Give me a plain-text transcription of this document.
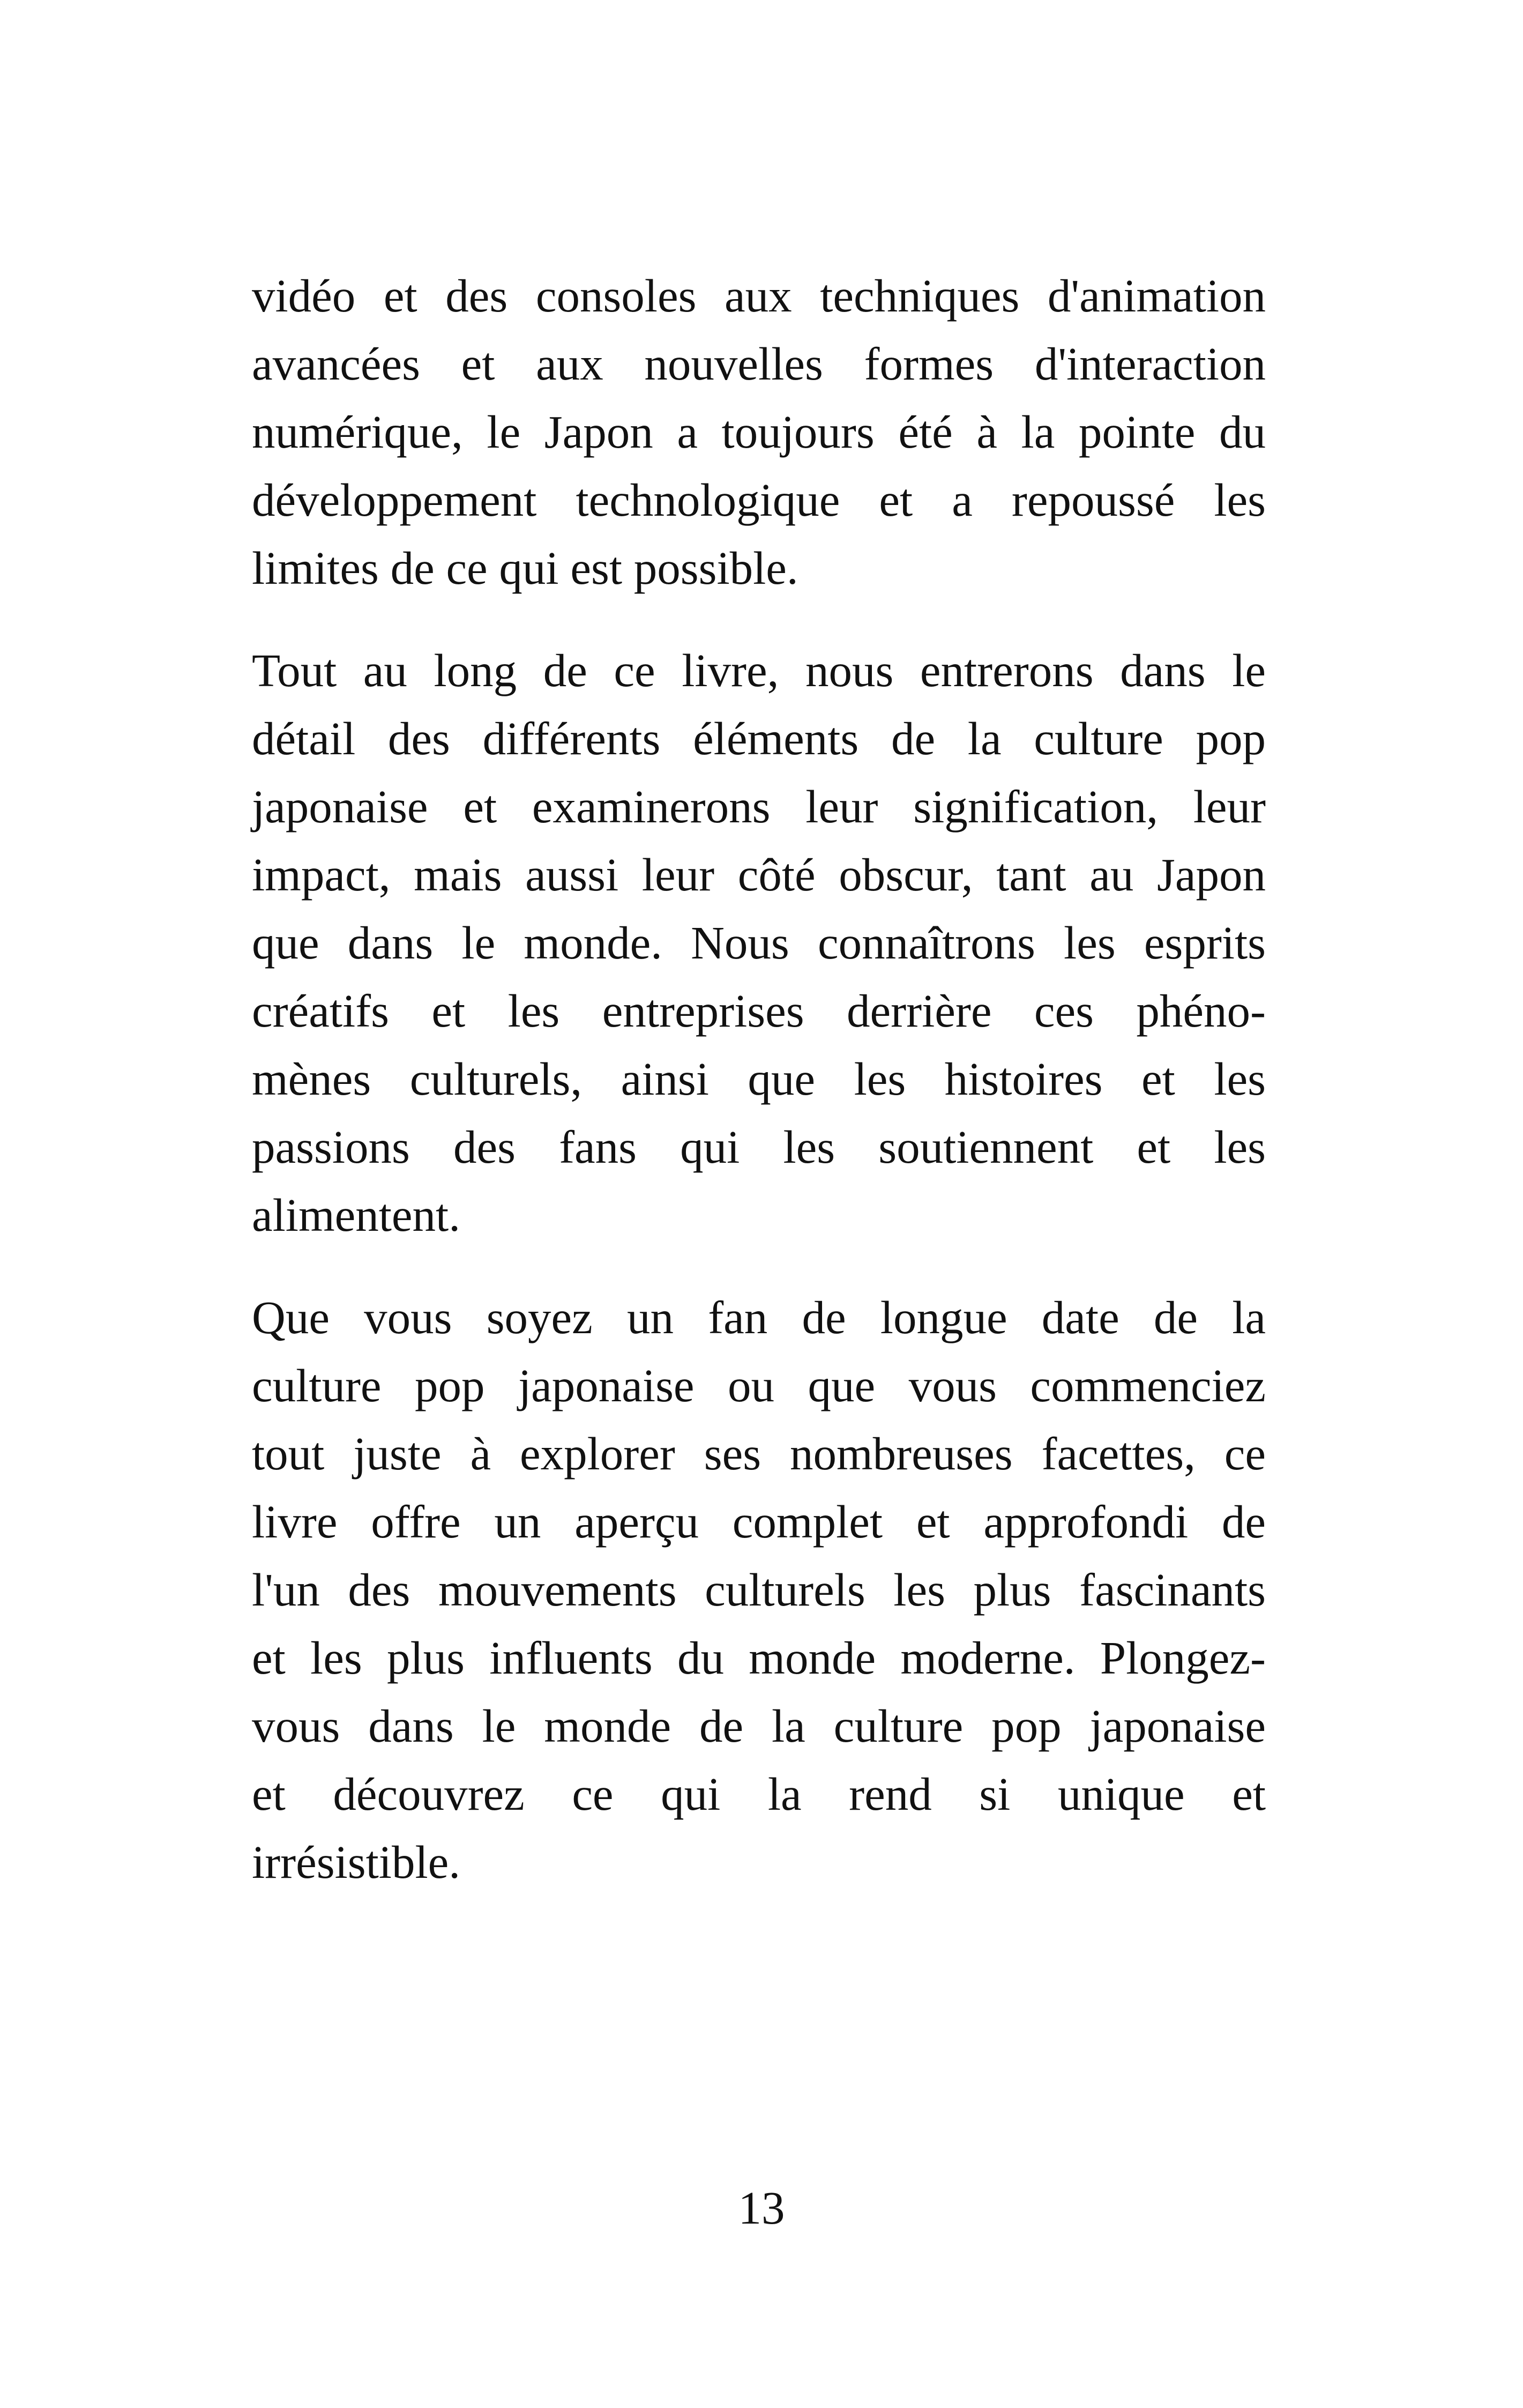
vidéo et des consoles aux techniques d'animation
avancées et aux nouvelles formes d'interaction
numérique, le Japon a toujours été à la pointe du
développement technologique et a repoussé les
limites de ce qui est possible.

Tout au long de ce livre, nous entrerons dans le
détail des différents éléments de la culture pop
japonaise et examinerons leur signification, leur
impact, mais aussi leur côté obscur, tant au Japon
que dans le monde. Nous connaîtrons les esprits
créatifs et les entreprises derrière ces phéno-
mènes culturels, ainsi que les histoires et les
passions des fans qui les soutiennent et les
alimentent.

Que vous soyez un fan de longue date de la
culture pop japonaise ou que vous commenciez
tout juste à explorer ses nombreuses facettes, ce
livre offre un aperçu complet et approfondi de
l'un des mouvements culturels les plus fascinants
et les plus influents du monde moderne. Plongez-
vous dans le monde de la culture pop japonaise
et découvrez ce qui la rend si unique et
irrésistible.

13
